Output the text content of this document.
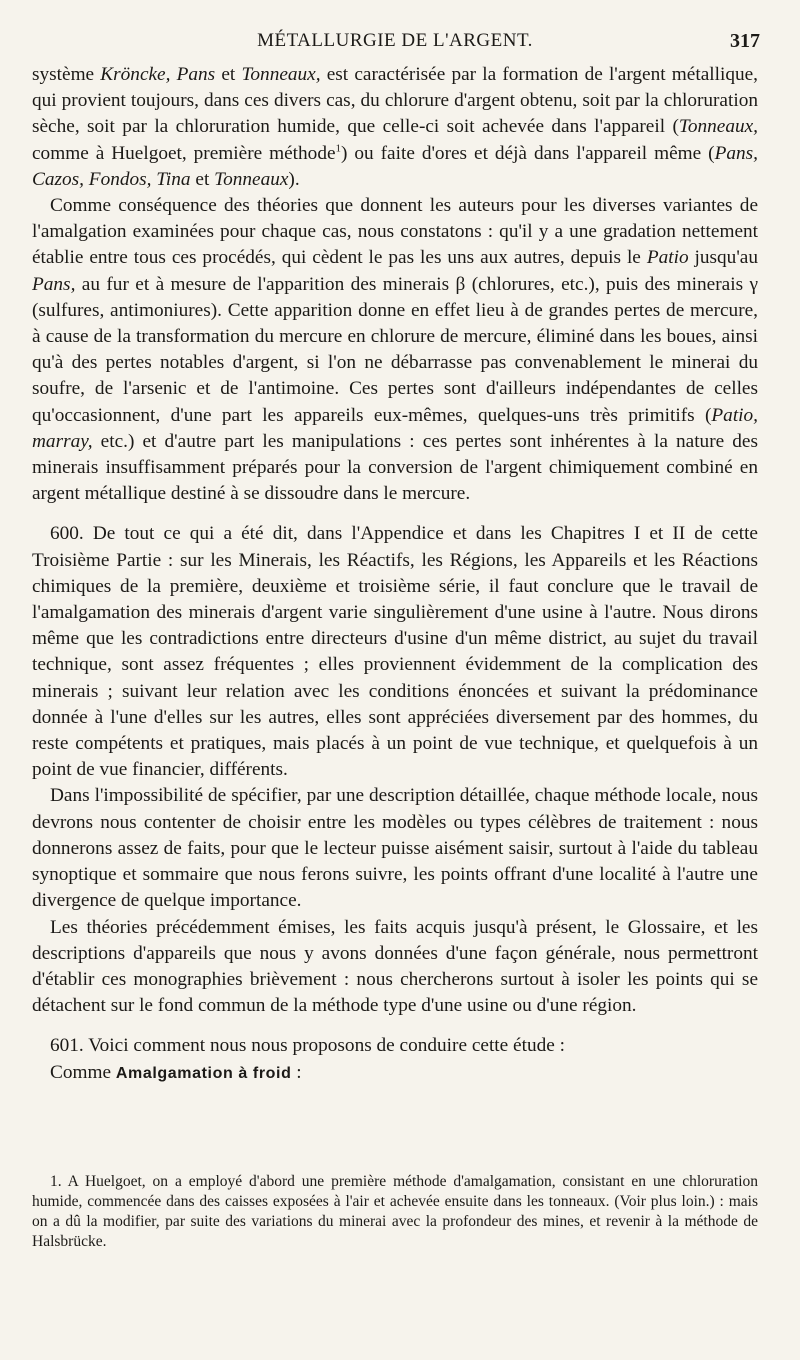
MÉTALLURGIE DE L'ARGENT.	317

système Kröncke, Pans et Tonneaux, est caractérisée par la formation de l'argent métallique, qui provient toujours, dans ces divers cas, du chlorure d'argent obtenu, soit par la chloruration sèche, soit par la chloruration humide, que celle-ci soit achevée dans l'appareil (Tonneaux, comme à Huelgoet, première méthode$^1$) ou faite d'ores et déjà dans l'appareil même (Pans, Cazos, Fondos, Tina et Tonneaux).

Comme conséquence des théories que donnent les auteurs pour les diverses variantes de l'amalgation examinées pour chaque cas, nous constatons : qu'il y a une gradation nettement établie entre tous ces procédés, qui cèdent le pas les uns aux autres, depuis le Patio jusqu'au Pans, au fur et à mesure de l'apparition des minerais β (chlorures, etc.), puis des minerais γ (sulfures, antimoniures). Cette apparition donne en effet lieu à de grandes pertes de mercure, à cause de la transformation du mercure en chlorure de mercure, éliminé dans les boues, ainsi qu'à des pertes notables d'argent, si l'on ne débarrasse pas convenablement le minerai du soufre, de l'arsenic et de l'antimoine. Ces pertes sont d'ailleurs indépendantes de celles qu'occasionnent, d'une part les appareils eux-mêmes, quelques-uns très primitifs (Patio, marray, etc.) et d'autre part les manipulations : ces pertes sont inhérentes à la nature des minerais insuffisamment préparés pour la conversion de l'argent chimiquement combiné en argent métallique destiné à se dissoudre dans le mercure.

600. De tout ce qui a été dit, dans l'Appendice et dans les Chapitres I et II de cette Troisième Partie : sur les Minerais, les Réactifs, les Régions, les Appareils et les Réactions chimiques de la première, deuxième et troisième série, il faut conclure que le travail de l'amalgamation des minerais d'argent varie singulièrement d'une usine à l'autre. Nous dirons même que les contradictions entre directeurs d'usine d'un même district, au sujet du travail technique, sont assez fréquentes ; elles proviennent évidemment de la complication des minerais ; suivant leur relation avec les conditions énoncées et suivant la prédominance donnée à l'une d'elles sur les autres, elles sont appréciées diversement par des hommes, du reste compétents et pratiques, mais placés à un point de vue technique, et quelquefois à un point de vue financier, différents.

Dans l'impossibilité de spécifier, par une description détaillée, chaque méthode locale, nous devrons nous contenter de choisir entre les modèles ou types célèbres de traitement : nous donnerons assez de faits, pour que le lecteur puisse aisément saisir, surtout à l'aide du tableau synoptique et sommaire que nous ferons suivre, les points offrant d'une localité à l'autre une divergence de quelque importance.

Les théories précédemment émises, les faits acquis jusqu'à présent, le Glossaire, et les descriptions d'appareils que nous y avons données d'une façon générale, nous permettront d'établir ces monographies brièvement : nous chercherons surtout à isoler les points qui se détachent sur le fond commun de la méthode type d'une usine ou d'une région.

601. Voici comment nous nous proposons de conduire cette étude :

Comme Amalgamation à froid :

1. A Huelgoet, on a employé d'abord une première méthode d'amalgamation, consistant en une chloruration humide, commencée dans des caisses exposées à l'air et achevée ensuite dans les tonneaux. (Voir plus loin.) : mais on a dû la modifier, par suite des variations du minerai avec la profondeur des mines, et revenir à la méthode de Halsbrücke.
